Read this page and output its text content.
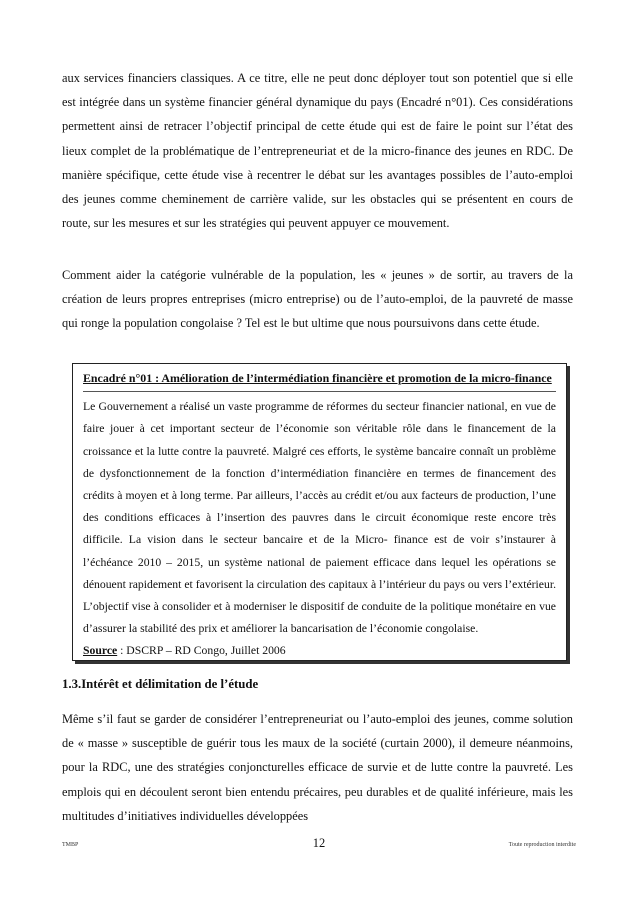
aux services financiers classiques. A ce titre, elle ne peut donc déployer tout son potentiel que si elle est intégrée dans un système financier général dynamique du pays (Encadré n°01). Ces considérations permettent ainsi de retracer l’objectif principal de cette étude qui est de faire le point sur l’état des lieux complet de la problématique de l’entrepreneuriat et de la micro-finance des jeunes en RDC. De manière spécifique, cette étude vise à recentrer le débat sur les avantages possibles de l’auto-emploi des jeunes comme cheminement de carrière valide, sur les obstacles qui se présentent en cours de route, sur les mesures et sur les stratégies qui peuvent appuyer ce mouvement.

Comment aider la catégorie vulnérable de la population, les « jeunes » de sortir, au travers de la création de leurs propres entreprises (micro entreprise) ou de l’auto-emploi, de la pauvreté de masse qui ronge la population congolaise ? Tel est le but ultime que nous poursuivons dans cette étude.

Encadré n°01 : Amélioration de l’intermédiation financière et promotion de la micro-finance

Le Gouvernement a réalisé un vaste programme de réformes du secteur financier national, en vue de faire jouer à cet important secteur de l’économie son véritable rôle dans le financement de la croissance et la lutte contre la pauvreté. Malgré ces efforts, le système bancaire connaît un problème de dysfonctionnement de la fonction d’intermédiation financière en termes de financement des crédits à moyen et à long terme. Par ailleurs, l’accès au crédit et/ou aux facteurs de production, l’une des conditions efficaces à l’insertion des pauvres dans le circuit économique reste encore très difficile. La vision dans le secteur bancaire et de la Micro- finance est de voir s’instaurer à l’échéance 2010 – 2015, un système national de paiement efficace dans lequel les opérations se dénouent rapidement et favorisent la circulation des capitaux à l’intérieur du pays ou vers l’extérieur. L’objectif vise à consolider et à moderniser le dispositif de conduite de la politique monétaire en vue d’assurer la stabilité des prix et améliorer la bancarisation de l’économie congolaise.

Source : DSCRP – RD Congo, Juillet 2006

1.3.Intérêt et délimitation de l’étude

Même s’il faut se garder de considérer l’entrepreneuriat ou l’auto-emploi des jeunes, comme solution de « masse » susceptible de guérir tous les maux de la société (curtain 2000), il demeure néanmoins, pour la RDC, une des stratégies conjoncturelles efficace de survie et de lutte contre la pauvreté. Les emplois qui en découlent seront bien entendu précaires, peu durables et de qualité inférieure, mais les multitudes d’initiatives individuelles développées

TMBP	12	Toute reproduction interdite
